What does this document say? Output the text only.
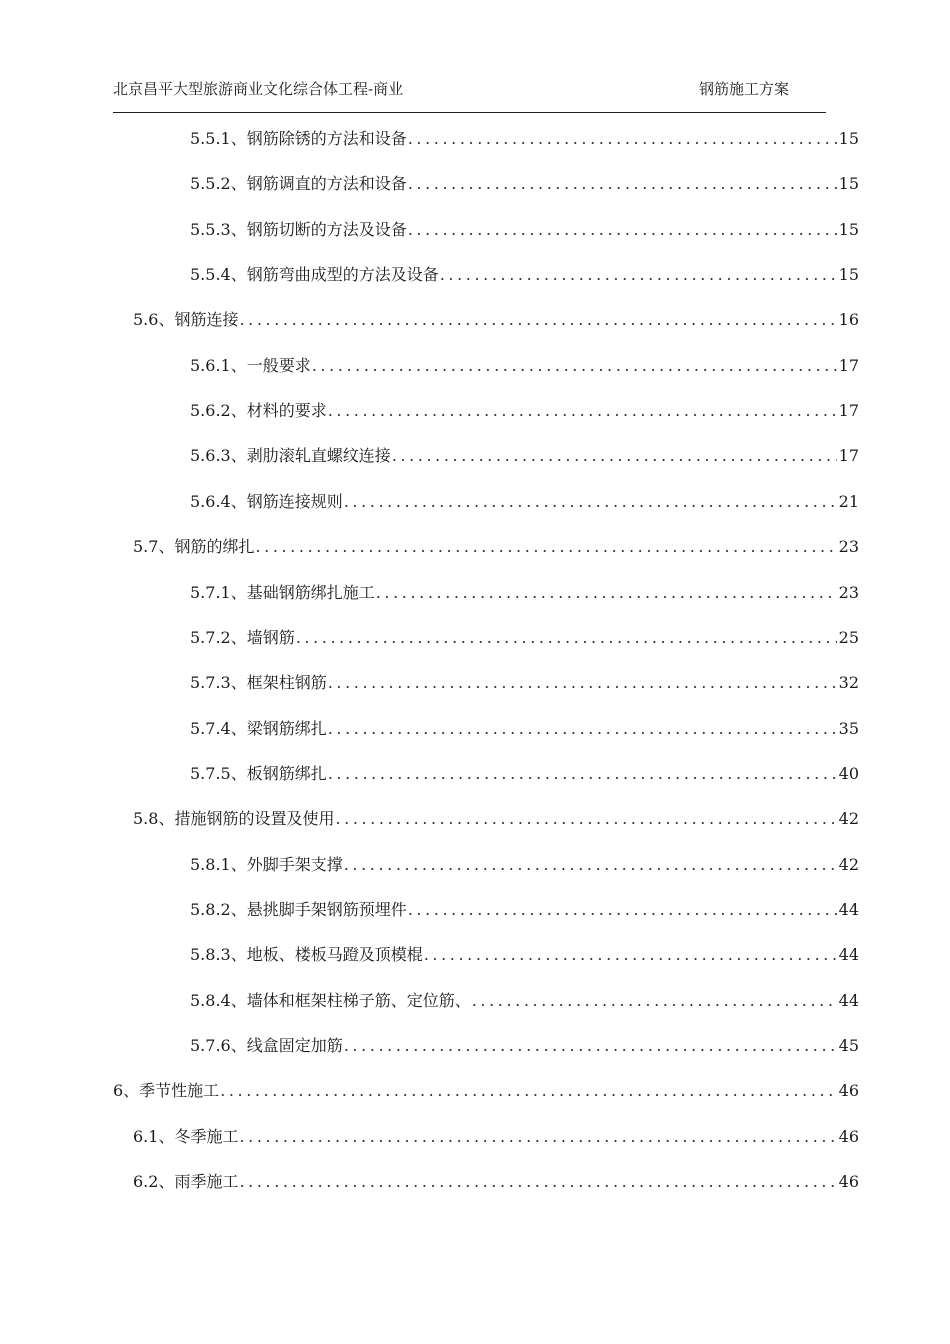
北京昌平大型旅游商业文化综合体工程-商业	钢筋施工方案
5.5.1、钢筋除锈的方法和设备 .....	15
5.5.2、钢筋调直的方法和设备 .....	15
5.5.3、钢筋切断的方法及设备 .....	15
5.5.4、钢筋弯曲成型的方法及设备 .....	15
5.6、钢筋连接 .....	16
5.6.1、一般要求 .....	17
5.6.2、材料的要求 .....	17
5.6.3、剥肋滚轧直螺纹连接 .....	17
5.6.4、钢筋连接规则 .....	21
5.7、钢筋的绑扎 .....	23
5.7.1、基础钢筋绑扎施工 .....	23
5.7.2、墙钢筋 .....	25
5.7.3、框架柱钢筋 .....	32
5.7.4、梁钢筋绑扎 .....	35
5.7.5、板钢筋绑扎 .....	40
5.8、措施钢筋的设置及使用 .....	42
5.8.1、外脚手架支撑 .....	42
5.8.2、悬挑脚手架钢筋预埋件 .....	44
5.8.3、地板、楼板马蹬及顶模棍 .....	44
5.8.4、墙体和框架柱梯子筋、定位筋、 .....	44
5.7.6、线盒固定加筋 .....	45
6、季节性施工 .....	46
6.1、冬季施工 .....	46
6.2、雨季施工 .....	46
